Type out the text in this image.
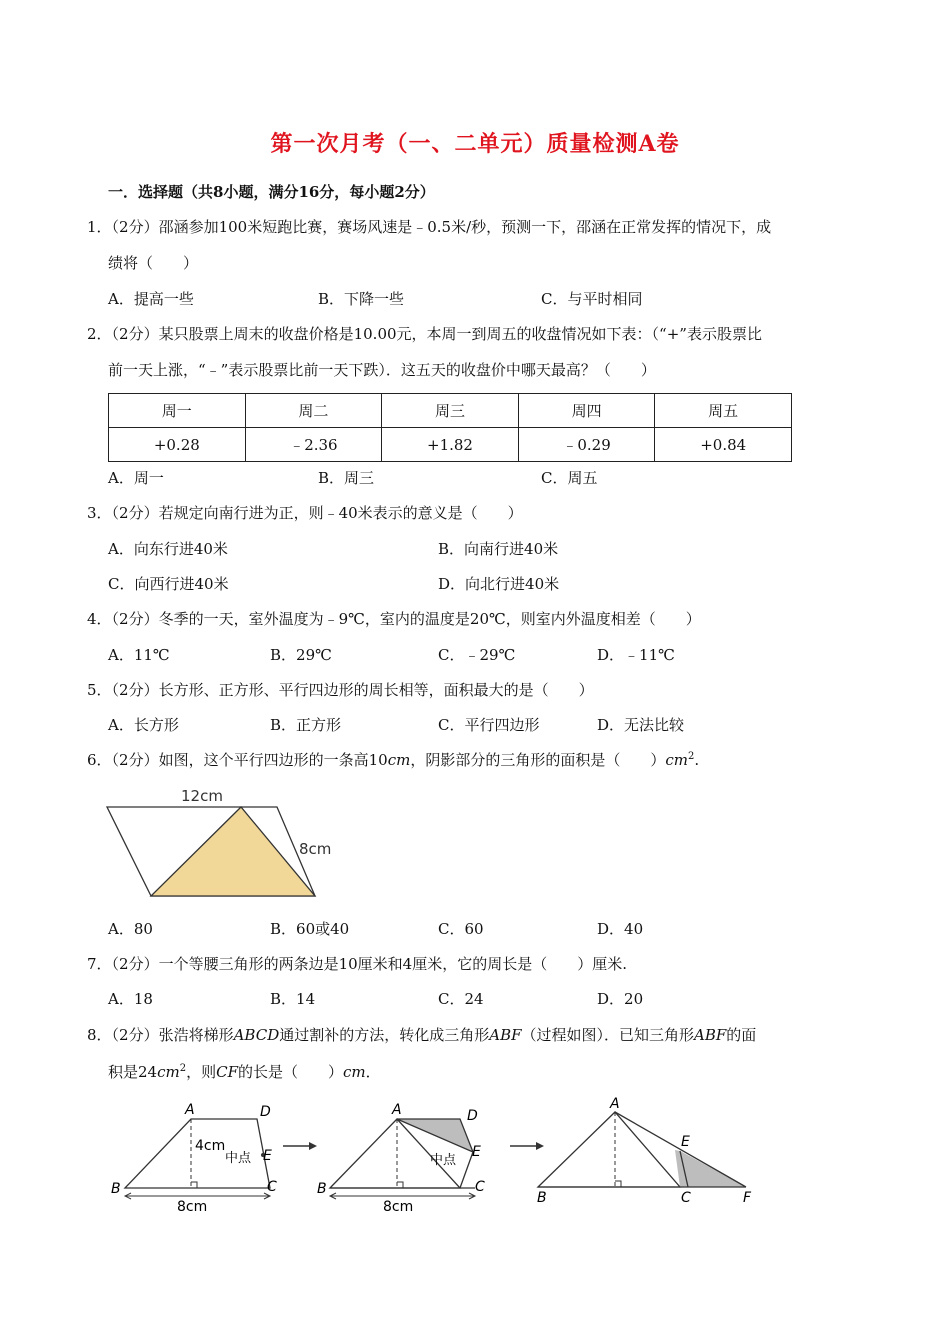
第一次月考（一、二单元）质量检测A卷
一．选择题（共8小题，满分16分，每小题2分）
1．（2分）邵涵参加100米短跑比赛，赛场风速是﹣0.5米/秒，预测一下，邵涵在正常发挥的情况下，成
绩将（　　）
A．提高一些	B．下降一些	C．与平时相同
2．（2分）某只股票上周末的收盘价格是10.00元，本周一到周五的收盘情况如下表：（“+”表示股票比
前一天上涨，“﹣”表示股票比前一天下跌）．这五天的收盘价中哪天最高？（　　）
周一	周二	周三	周四	周五
+0.28	﹣2.36	+1.82	﹣0.29	+0.84
A．周一	B．周三	C．周五
3．（2分）若规定向南行进为正，则﹣40米表示的意义是（　　）
A．向东行进40米	B．向南行进40米
C．向西行进40米	D．向北行进40米
4．（2分）冬季的一天，室外温度为﹣9℃，室内的温度是20℃，则室内外温度相差（　　）
A．11℃	B．29℃	C．﹣29℃	D．﹣11℃
5．（2分）长方形、正方形、平行四边形的周长相等，面积最大的是（　　）
A．长方形	B．正方形	C．平行四边形	D．无法比较
6．（2分）如图，这个平行四边形的一条高10cm，阴影部分的三角形的面积是（　　）$cm^2$.
12cm
8cm
A．80	B．60或40	C．60	D．40
7．（2分）一个等腰三角形的两条边是10厘米和4厘米，它的周长是（　　）厘米.
A．18	B．14	C．24	D．20
8．（2分）张浩将梯形ABCD通过割补的方法，转化成三角形ABF（过程如图）．已知三角形ABF的面
积是$24cm^2$，则CF的长是（　　）cm．
A	D
B	C
E
4cm
中点
8cm
A	D
B	C
E
中点
8cm
A
B	C
E
F
